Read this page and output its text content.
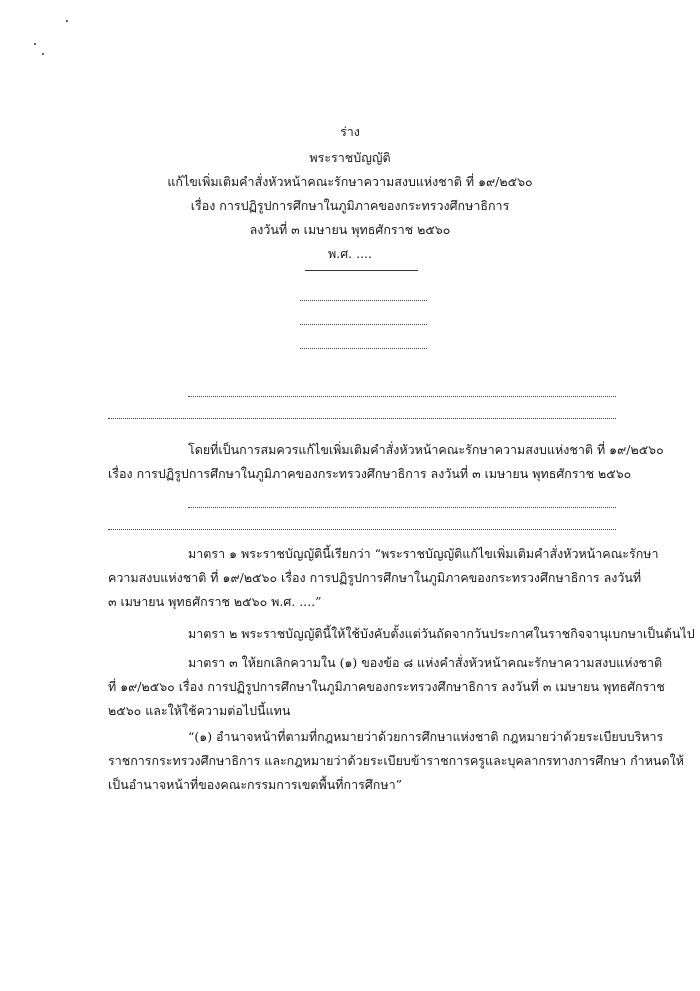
ร่าง
พระราชบัญญัติ
แก้ไขเพิ่มเติมคำสั่งหัวหน้าคณะรักษาความสงบแห่งชาติ ที่ ๑๙/๒๕๖๐
เรื่อง การปฏิรูปการศึกษาในภูมิภาคของกระทรวงศึกษาธิการ
ลงวันที่ ๓ เมษายน พุทธศักราช ๒๕๖๐
พ.ศ. ....
โดยที่เป็นการสมควรแก้ไขเพิ่มเติมคำสั่งหัวหน้าคณะรักษาความสงบแห่งชาติ ที่ ๑๙/๒๕๖๐
เรื่อง การปฏิรูปการศึกษาในภูมิภาคของกระทรวงศึกษาธิการ ลงวันที่ ๓ เมษายน พุทธศักราช ๒๕๖๐
มาตรา ๑ พระราชบัญญัตินี้เรียกว่า “พระราชบัญญัติแก้ไขเพิ่มเติมคำสั่งหัวหน้าคณะรักษา
ความสงบแห่งชาติ ที่ ๑๙/๒๕๖๐ เรื่อง การปฏิรูปการศึกษาในภูมิภาคของกระทรวงศึกษาธิการ ลงวันที่
๓ เมษายน พุทธศักราช ๒๕๖๐ พ.ศ. ....”
มาตรา ๒ พระราชบัญญัตินี้ให้ใช้บังคับตั้งแต่วันถัดจากวันประกาศในราชกิจจานุเบกษาเป็นต้นไป
มาตรา ๓ ให้ยกเลิกความใน (๑) ของข้อ ๘ แห่งคำสั่งหัวหน้าคณะรักษาความสงบแห่งชาติ
ที่ ๑๙/๒๕๖๐ เรื่อง การปฏิรูปการศึกษาในภูมิภาคของกระทรวงศึกษาธิการ ลงวันที่ ๓ เมษายน พุทธศักราช
๒๕๖๐ และให้ใช้ความต่อไปนี้แทน
“(๑) อำนาจหน้าที่ตามที่กฎหมายว่าด้วยการศึกษาแห่งชาติ กฎหมายว่าด้วยระเบียบบริหาร
ราชการกระทรวงศึกษาธิการ และกฎหมายว่าด้วยระเบียบข้าราชการครูและบุคลากรทางการศึกษา กำหนดให้
เป็นอำนาจหน้าที่ของคณะกรรมการเขตพื้นที่การศึกษา”
